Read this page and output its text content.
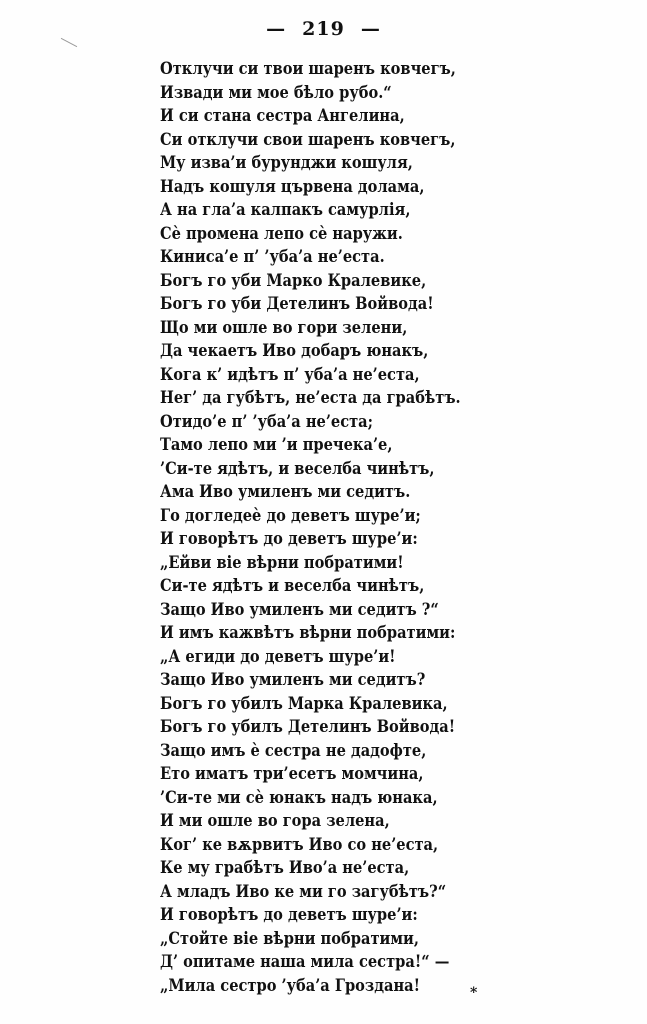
— 219 —
Отклучи си твои шаренъ ковчегъ,
Извади ми мое бѣло рубо.“
И си стана сестра Ангелина,
Си отклучи свои шаренъ ковчегъ,
Му изва’и бурунджи кошуля,
Надъ кошуля цървена долама,
А на гла’а калпакъ самурлія,
Сѐ промена лепо сѐ наружи.
Киниса’е п’ ’уба’а не’еста.
Богъ го уби Марко Кралевике,
Богъ го уби Детелинъ Войвода!
Що ми ошле во гори зелени,
Да чекаетъ Иво добаръ юнакъ,
Кога к’ идѣтъ п’ уба’а не’еста,
Нег’ да губѣтъ, не’еста да грабѣтъ.
Отидо’е п’ ’уба’а не’еста;
Тамо лепо ми ’и пречека’е,
’Си-те ядѣтъ, и веселба чинѣтъ,
Ама Иво умиленъ ми седитъ.
Го догледеѐ до деветъ шуре’и;
И говорѣтъ до деветъ шуре’и:
„Ейви віе вѣрни побратими!
Си-те ядѣтъ и веселба чинѣтъ,
Защо Иво умиленъ ми седитъ ?“
И имъ кажвѣтъ вѣрни побратими:
„А егиди до деветъ шуре’и!
Защо Иво умиленъ ми седитъ?
Богъ го убилъ Марка Кралевика,
Богъ го убилъ Детелинъ Войвода!
Защо имъ ѐ сестра не дадофте,
Ето иматъ три’есетъ момчина,
’Си-те ми сѐ юнакъ надъ юнака,
И ми ошле во гора зелена,
Ког’ ке вѫрвитъ Иво со не’еста,
Ке му грабѣтъ Иво’а не’еста,
А младъ Иво ке ми го загубѣтъ?“
И говорѣтъ до деветъ шуре’и:
„Стойте віе вѣрни побратими,
Д’ опитаме наша мила сестра!“ —
„Мила сестро ’уба’а Гроздана!	*
